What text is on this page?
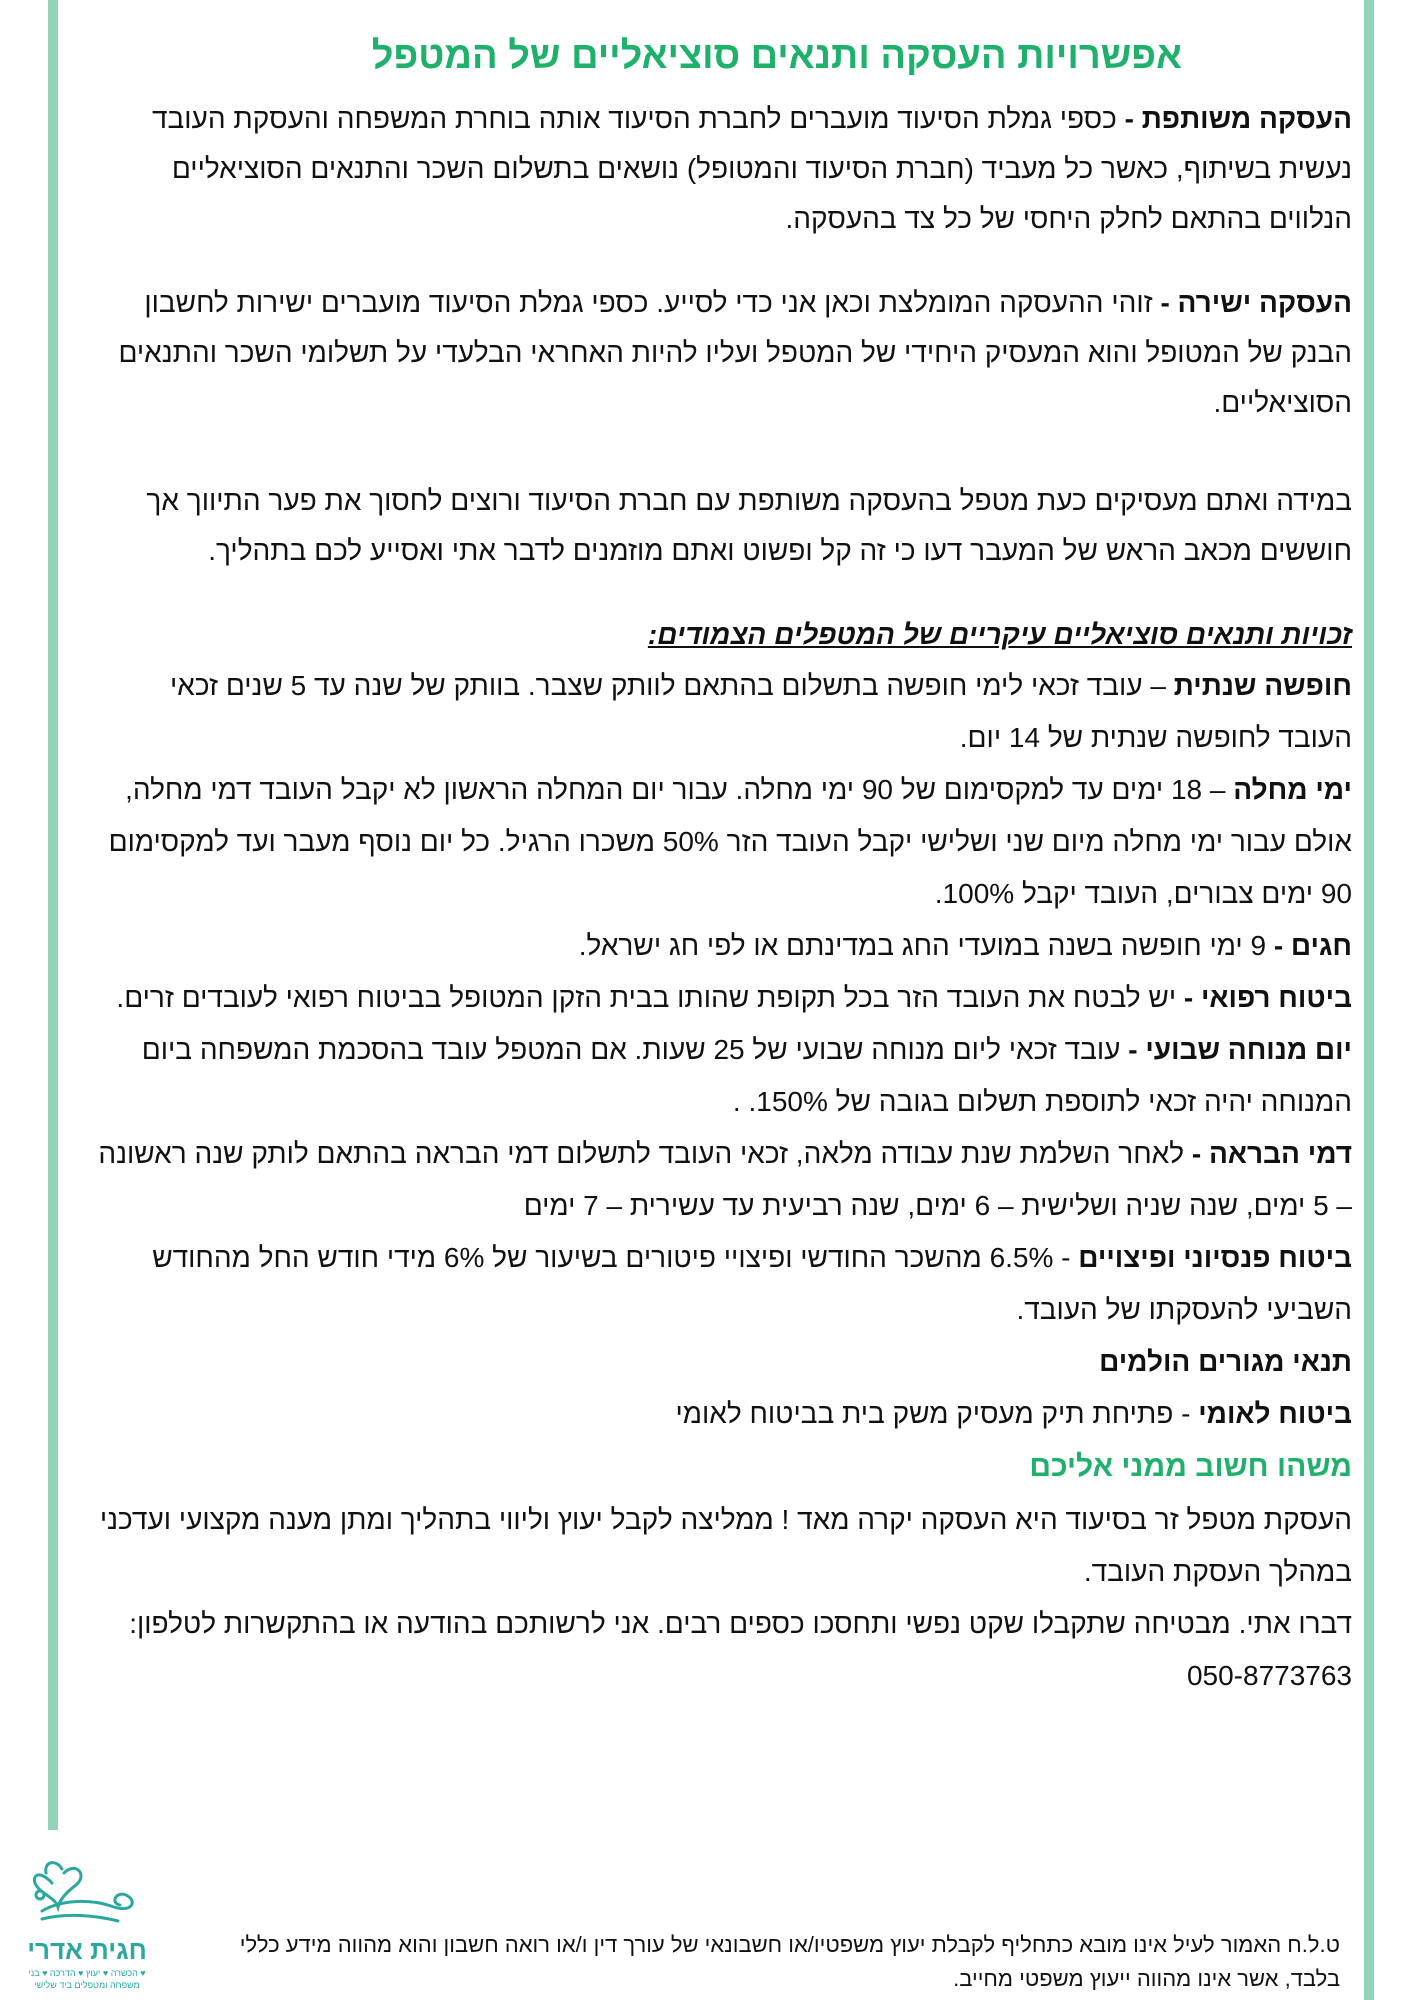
אפשרויות העסקה ותנאים סוציאליים של המטפל

העסקה משותפת - כספי גמלת הסיעוד מועברים לחברת הסיעוד אותה בוחרת המשפחה והעסקת העובד נעשית בשיתוף, כאשר כל מעביד (חברת הסיעוד והמטופל) נושאים בתשלום השכר והתנאים הסוציאליים הנלווים בהתאם לחלק היחסי של כל צד בהעסקה.

העסקה ישירה - זוהי ההעסקה המומלצת וכאן אני כדי לסייע. כספי גמלת הסיעוד מועברים ישירות לחשבון הבנק של המטופל והוא המעסיק היחידי של המטפל ועליו להיות האחראי הבלעדי על תשלומי השכר והתנאים הסוציאליים.

במידה ואתם מעסיקים כעת מטפל בהעסקה משותפת עם חברת הסיעוד ורוצים לחסוך את פער התיווך אך חוששים מכאב הראש של המעבר דעו כי זה קל ופשוט ואתם מוזמנים לדבר אתי ואסייע לכם בתהליך.

זכויות ותנאים סוציאליים עיקריים של המטפלים הצמודים:

חופשה שנתית – עובד זכאי לימי חופשה בתשלום בהתאם לוותק שצבר. בוותק של שנה עד 5 שנים זכאי העובד לחופשה שנתית של 14 יום.

ימי מחלה – 18 ימים עד למקסימום של 90 ימי מחלה. עבור יום המחלה הראשון לא יקבל העובד דמי מחלה, אולם עבור ימי מחלה מיום שני ושלישי יקבל העובד הזר 50% משכרו הרגיל. כל יום נוסף מעבר ועד למקסימום 90 ימים צבורים, העובד יקבל 100%.

חגים - 9 ימי חופשה בשנה במועדי החג במדינתם או לפי חג ישראל.

ביטוח רפואי - יש לבטח את העובד הזר בכל תקופת שהותו בבית הזקן המטופל בביטוח רפואי לעובדים זרים.

יום מנוחה שבועי - עובד זכאי ליום מנוחה שבועי של 25 שעות. אם המטפל עובד בהסכמת המשפחה ביום המנוחה יהיה זכאי לתוספת תשלום בגובה של 150%. .

דמי הבראה - לאחר השלמת שנת עבודה מלאה, זכאי העובד לתשלום דמי הבראה בהתאם לותק שנה ראשונה – 5 ימים, שנה שניה ושלישית – 6 ימים, שנה רביעית עד עשירית – 7 ימים

ביטוח פנסיוני ופיצויים - 6.5% מהשכר החודשי ופיצויי פיטורים בשיעור של 6% מידי חודש החל מהחודש השביעי להעסקתו של העובד.

תנאי מגורים הולמים

ביטוח לאומי - פתיחת תיק מעסיק משק בית בביטוח לאומי

משהו חשוב ממני אליכם

העסקת מטפל זר בסיעוד היא העסקה יקרה מאד ! ממליצה לקבל יעוץ וליווי בתהליך ומתן מענה מקצועי ועדכני במהלך העסקת העובד.

דברו אתי. מבטיחה שתקבלו שקט נפשי ותחסכו כספים רבים. אני לרשותכם בהודעה או בהתקשרות לטלפון: 050-8773763

חגית אדרי
♥ הכשרה ♥ יעוץ ♥ הדרכה ♥ בני משפחה ומטפלים ביד שלישי
ט.ל.ח האמור לעיל אינו מובא כתחליף לקבלת יעוץ משפטיו/או חשבונאי של עורך דין ו/או רואה חשבון והוא מהווה מידע כללי בלבד, אשר אינו מהווה ייעוץ משפטי מחייב.
